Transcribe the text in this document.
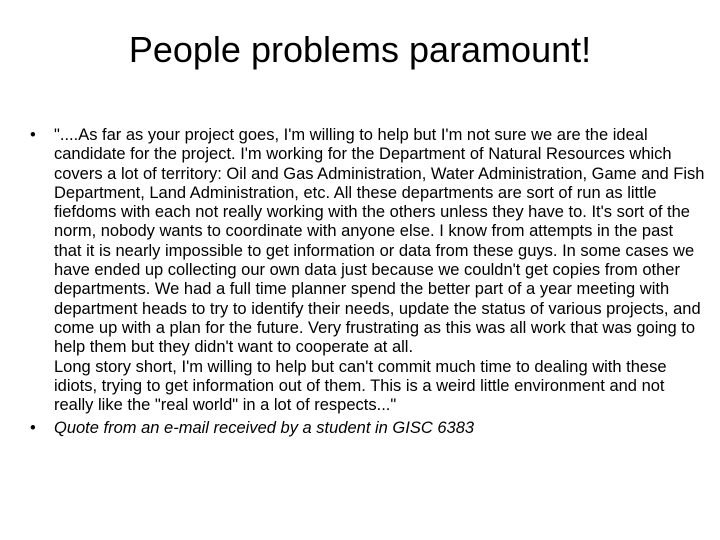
People problems paramount!
• "....As far as your project goes, I'm willing to help but I'm not sure we are the ideal candidate for the project. I'm working for the Department of Natural Resources which covers a lot of territory: Oil and Gas Administration, Water Administration, Game and Fish Department, Land Administration, etc. All these departments are sort of run as little fiefdoms with each not really working with the others unless they have to. It's sort of the norm, nobody wants to coordinate with anyone else. I know from attempts in the past that it is nearly impossible to get information or data from these guys. In some cases we have ended up collecting our own data just because we couldn't get copies from other departments. We had a full time planner spend the better part of a year meeting with department heads to try to identify their needs, update the status of various projects, and come up with a plan for the future. Very frustrating as this was all work that was going to help them but they didn't want to cooperate at all.
Long story short, I'm willing to help but can't commit much time to dealing with these idiots, trying to get information out of them. This is a weird little environment and not really like the "real world" in a lot of respects..."
• Quote from an e-mail received by a student in GISC 6383
